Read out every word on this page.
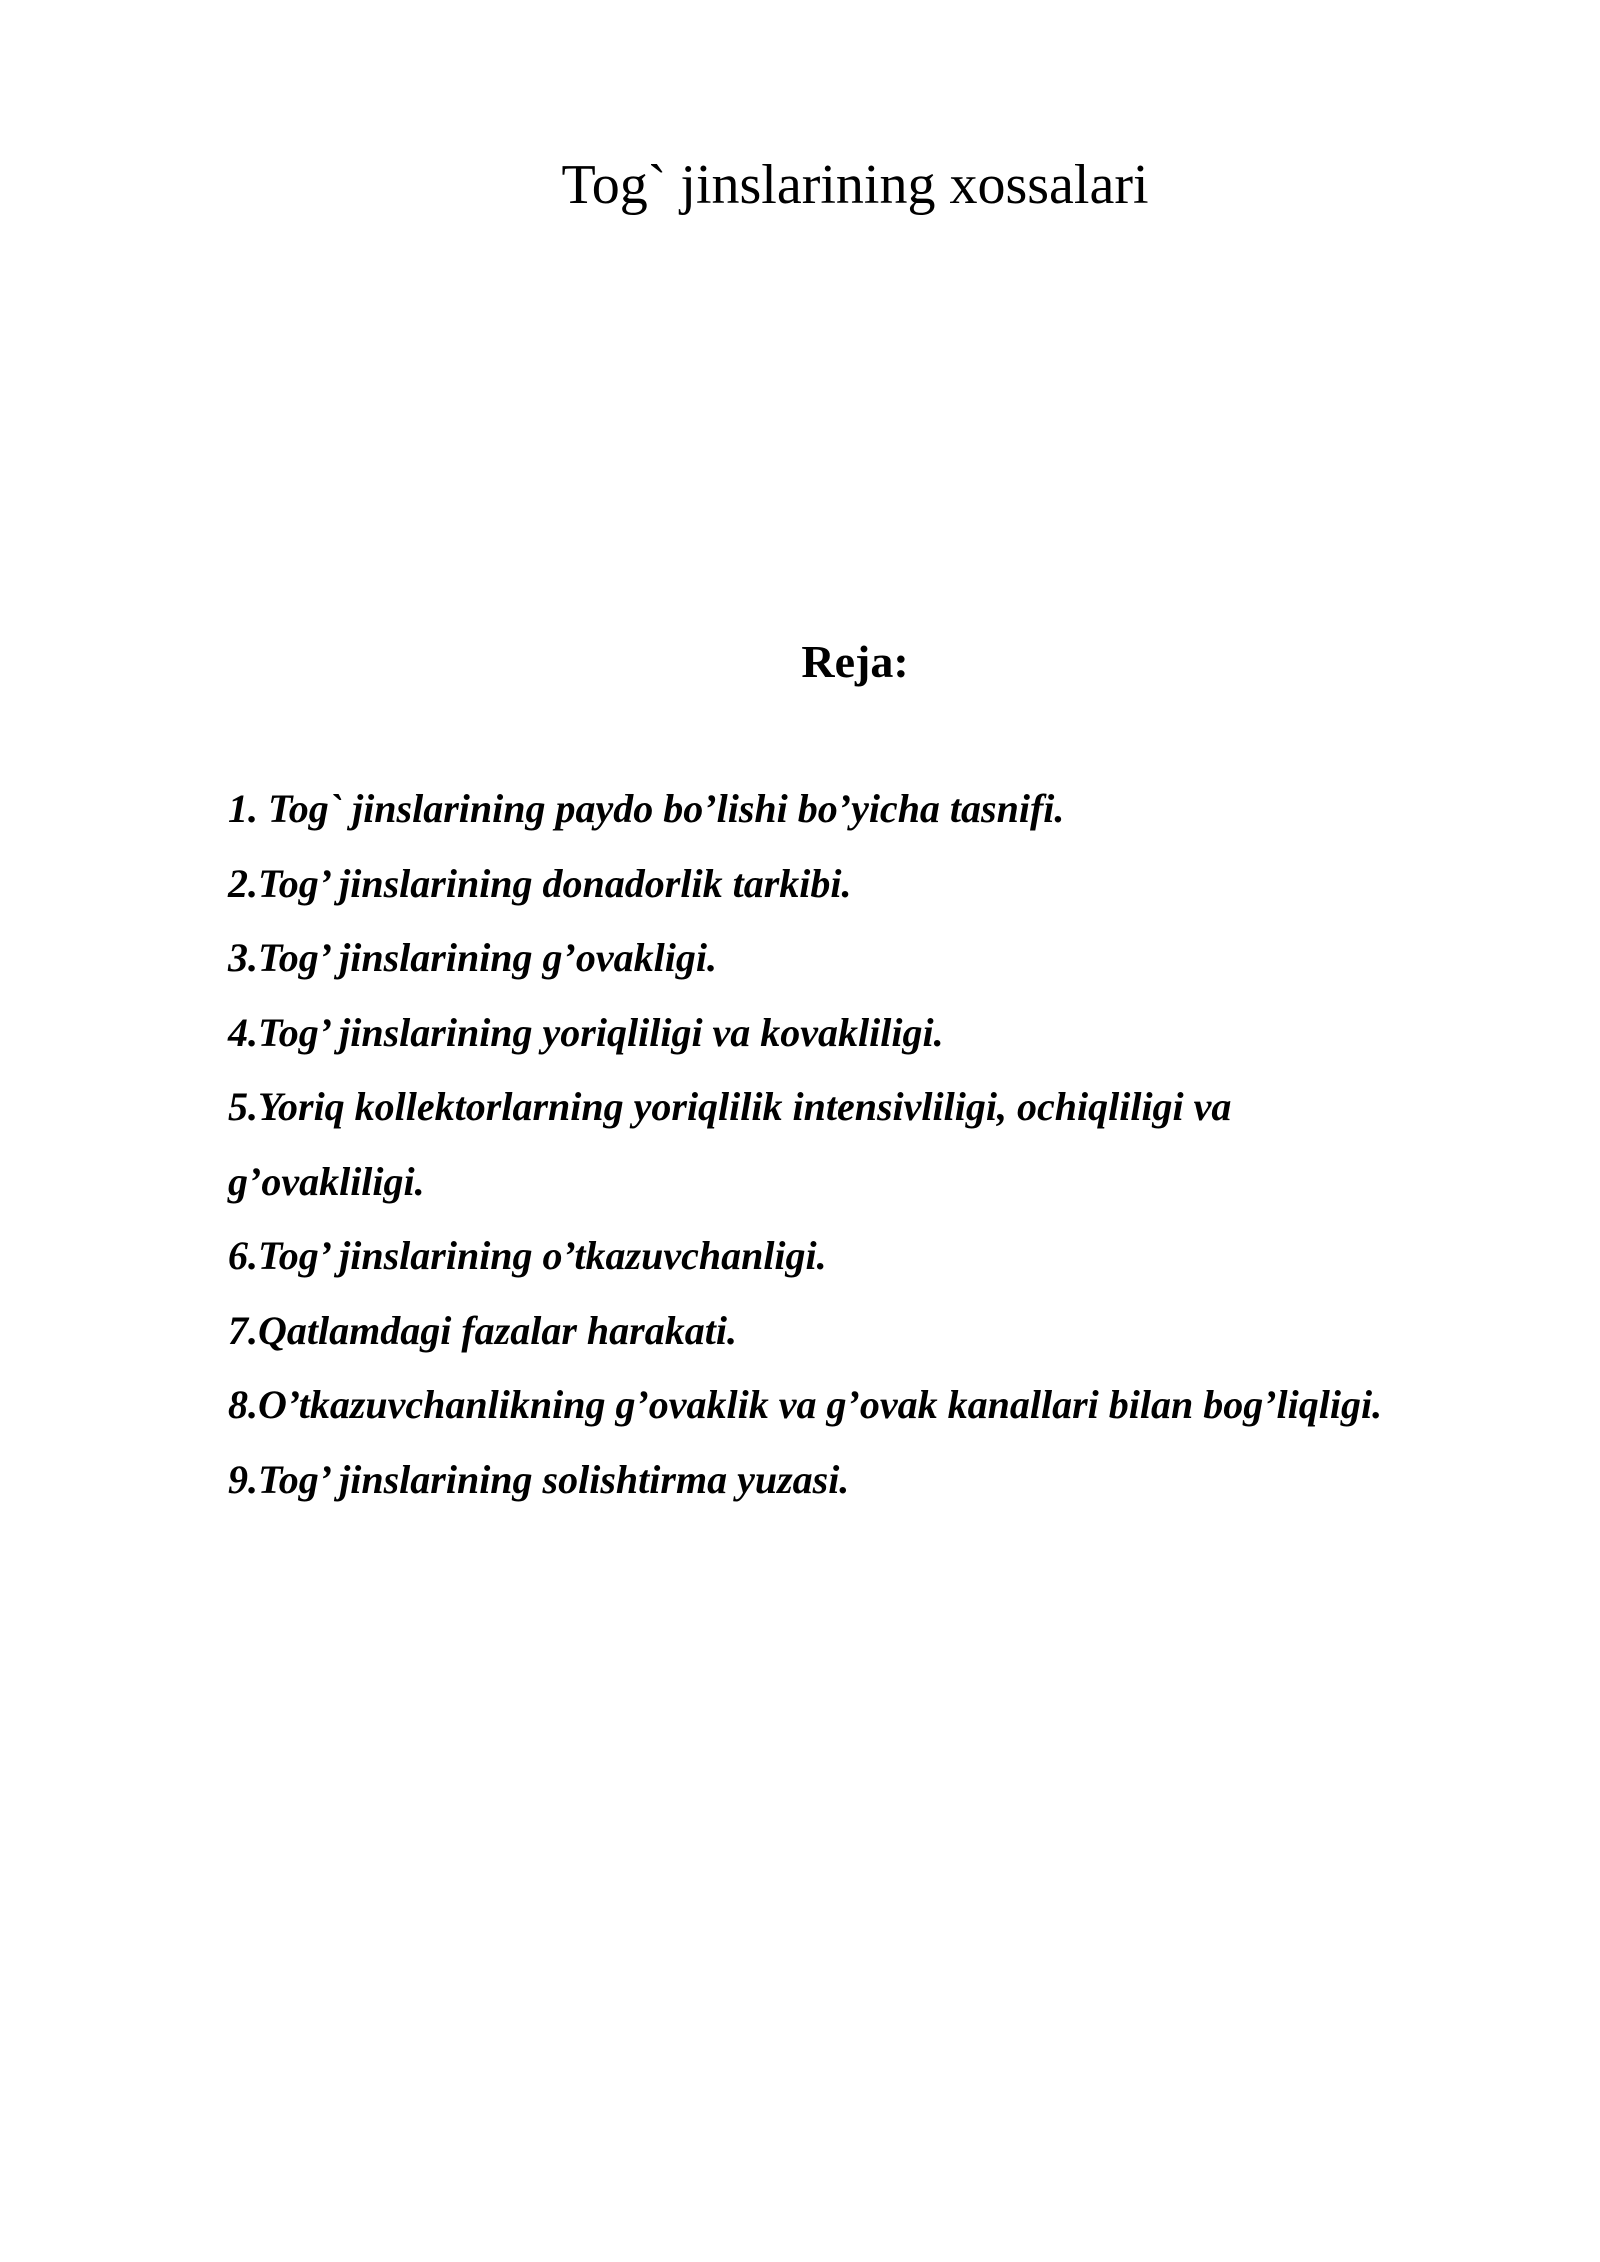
Tog` jinslarining xossalari
Reja:
1. Tog` jinslarining paydo bo’lishi bo’yicha tasnifi.
2.Tog’ jinslarining donadorlik tarkibi.
3.Tog’ jinslarining g’ovakligi.
4.Tog’ jinslarining yoriqliligi va kovakliligi.
5.Yoriq kollektorlarning yoriqlilik intensivliligi, ochiqliligi va g’ovakliligi.
6.Tog’ jinslarining o’tkazuvchanligi.
7.Qatlamdagi fazalar harakati.
8.O’tkazuvchanlikning g’ovaklik va g’ovak kanallari bilan bog’liqligi.
9.Tog’ jinslarining solishtirma yuzasi.
